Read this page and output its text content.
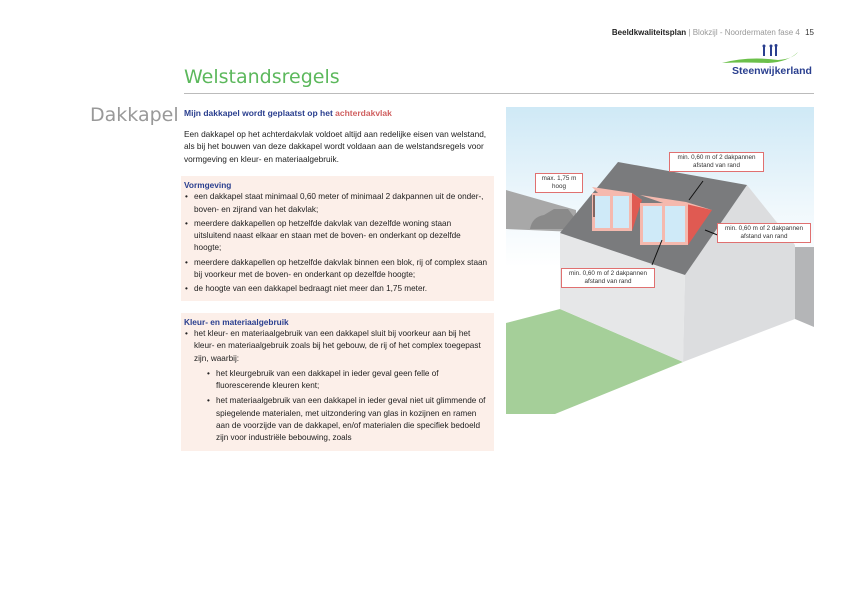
Beeldkwaliteitsplan | Blokzijl - Noordermaten fase 4 15
Steenwijkerland
Welstandsregels
Dakkapel Mijn dakkapel wordt geplaatst op het achterdakvlak
Een dakkapel op het achterdakvlak voldoet altijd aan redelijke eisen van welstand, als bij het bouwen van deze dakkapel wordt voldaan aan de welstandsregels voor vormgeving en kleur- en materiaalgebruik.
Vormgeving
• een dakkapel staat minimaal 0,60 meter of minimaal 2 dakpannen uit de onder-, boven- en zijrand van het dakvlak;
• meerdere dakkapellen op hetzelfde dakvlak van dezelfde woning staan uitsluitend naast elkaar en staan met de boven- en onderkant op dezelfde hoogte;
• meerdere dakkapellen op hetzelfde dakvlak binnen een blok, rij of complex staan bij voorkeur met de boven- en onderkant op dezelfde hoogte;
• de hoogte van een dakkapel bedraagt niet meer dan 1,75 meter.
Kleur- en materiaalgebruik
• het kleur- en materiaalgebruik van een dakkapel sluit bij voorkeur aan bij het kleur- en materiaalgebruik zoals bij het gebouw, de rij of het complex toegepast zijn, waarbij:
• het kleurgebruik van een dakkapel in ieder geval geen felle of fluorescerende kleuren kent;
• het materiaalgebruik van een dakkapel in ieder geval niet uit glimmende of spiegelende materialen, met uitzondering van glas in kozijnen en ramen aan de voorzijde van de dakkapel, en/of materialen die specifiek bedoeld zijn voor industriële bebouwing, zoals
max. 1,75 m hoog
min. 0,60 m of 2 dakpannen afstand van rand
min. 0,60 m of 2 dakpannen afstand van rand
min. 0,60 m of 2 dakpannen afstand van rand
